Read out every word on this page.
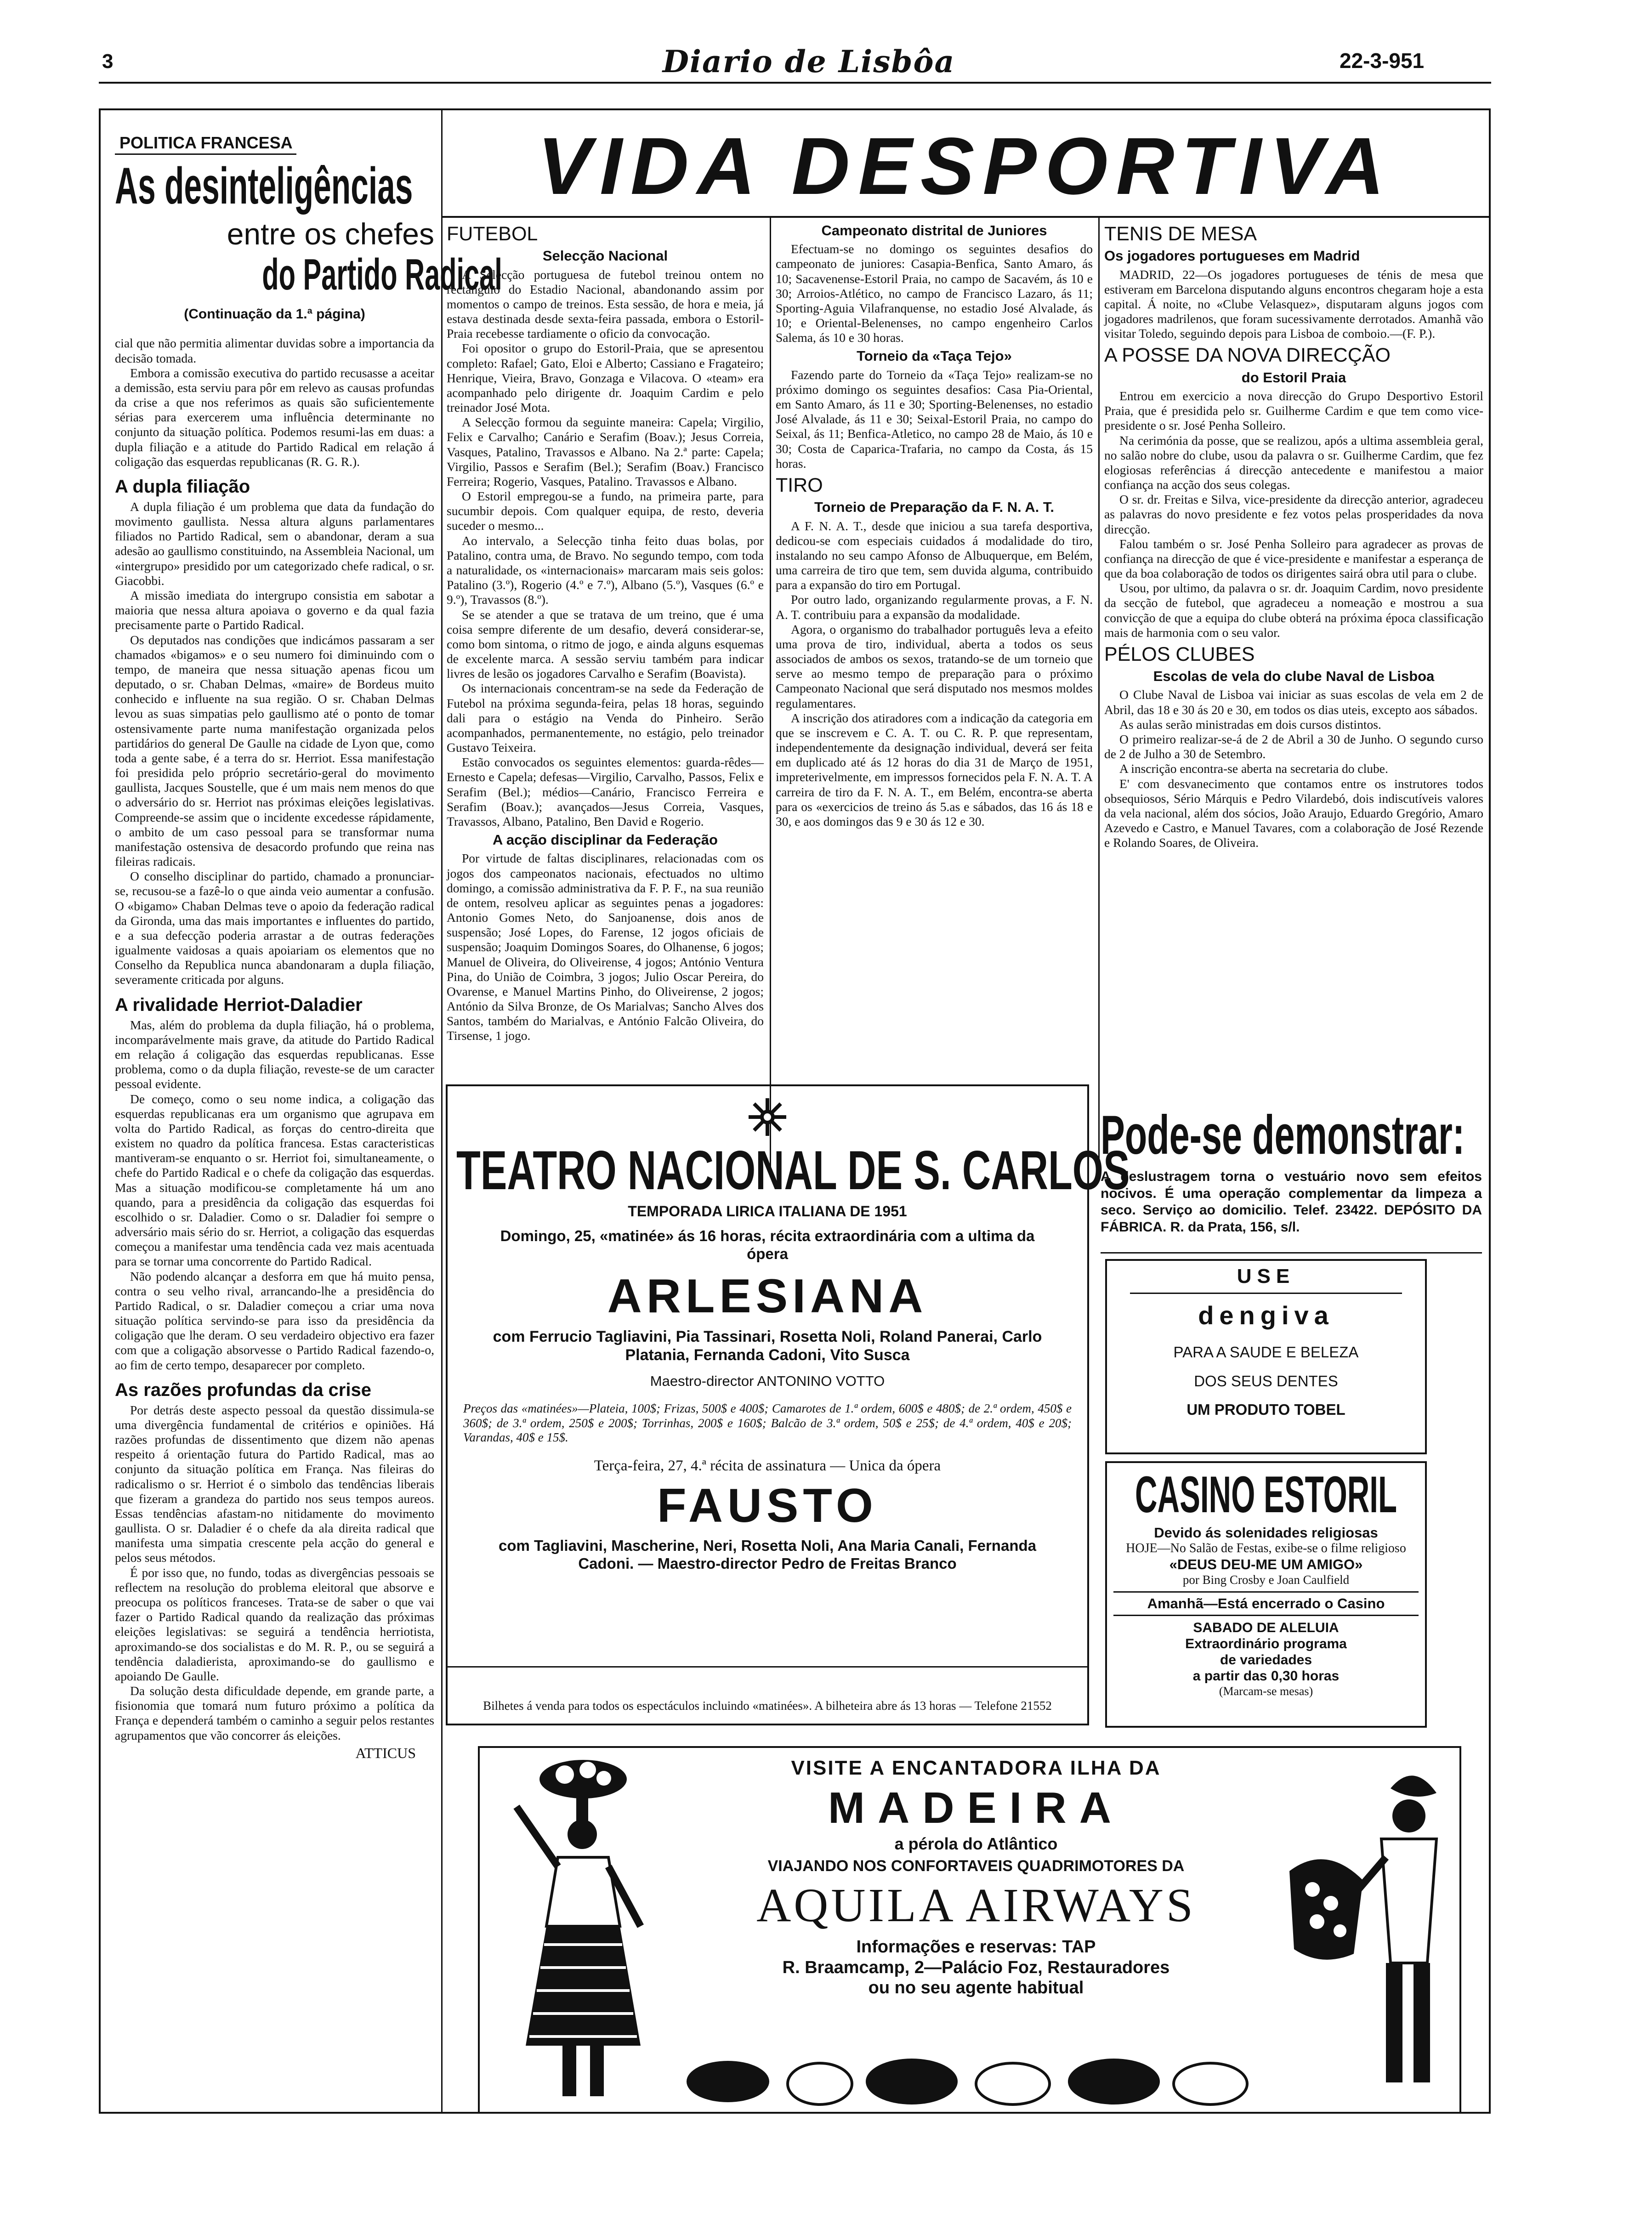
3	Diario de Lisbôa	22-3-951
POLITICA FRANCESA
As desinteligências
entre os chefes
do Partido Radical
(Continuação da 1.ª página)

cial que não permitia alimentar duvidas sobre a importancia da decisão tomada.

Embora a comissão executiva do partido recusasse a aceitar a demissão, esta serviu para pôr em relevo as causas profundas da crise a que nos referimos as quais são suficientemente sérias para exercerem uma influência determinante no conjunto da situação política. Podemos resumi-las em duas: a dupla filiação e a atitude do Partido Radical em relação á coligação das esquerdas republicanas (R. G. R.).

A dupla filiação

A dupla filiação é um problema que data da fundação do movimento gaullista. Nessa altura alguns parlamentares filiados no Partido Radical, sem o abandonar, deram a sua adesão ao gaullismo constituindo, na Assembleia Nacional, um «intergrupo» presidido por um categorizado chefe radical, o sr. Giacobbi.

A missão imediata do intergrupo consistia em sabotar a maioria que nessa altura apoiava o governo e da qual fazia precisamente parte o Partido Radical.

Os deputados nas condições que indicámos passaram a ser chamados «bigamos» e o seu numero foi diminuindo com o tempo, de maneira que nessa situação apenas ficou um deputado, o sr. Chaban Delmas, «maire» de Bordeus muito conhecido e influente na sua região. O sr. Chaban Delmas levou as suas simpatias pelo gaullismo até o ponto de tomar ostensivamente parte numa manifestação organizada pelos partidários do general De Gaulle na cidade de Lyon que, como toda a gente sabe, é a terra do sr. Herriot. Essa manifestação foi presidida pelo próprio secretário-geral do movimento gaullista, Jacques Soustelle, que é um mais nem menos do que o adversário do sr. Herriot nas próximas eleições legislativas. Compreende-se assim que o incidente excedesse rápidamente, o ambito de um caso pessoal para se transformar numa manifestação ostensiva de desacordo profundo que reina nas fileiras radicais.

O conselho disciplinar do partido, chamado a pronunciar-se, recusou-se a fazê-lo o que ainda veio aumentar a confusão. O «bigamo» Chaban Delmas teve o apoio da federação radical da Gironda, uma das mais importantes e influentes do partido, e a sua defecção poderia arrastar a de outras federações igualmente vaidosas a quais apoiariam os elementos que no Conselho da Republica nunca abandonaram a dupla filiação, severamente criticada por alguns.

A rivalidade Herriot-Daladier

Mas, além do problema da dupla filiação, há o problema, incomparávelmente mais grave, da atitude do Partido Radical em relação á coligação das esquerdas republicanas. Esse problema, como o da dupla filiação, reveste-se de um caracter pessoal evidente.

De começo, como o seu nome indica, a coligação das esquerdas republicanas era um organismo que agrupava em volta do Partido Radical, as forças do centro-direita que existem no quadro da política francesa. Estas caracteristicas mantiveram-se enquanto o sr. Herriot foi, simultaneamente, o chefe do Partido Radical e o chefe da coligação das esquerdas. Mas a situação modificou-se completamente há um ano quando, para a presidência da coligação das esquerdas foi escolhido o sr. Daladier. Como o sr. Daladier foi sempre o adversário mais sério do sr. Herriot, a coligação das esquerdas começou a manifestar uma tendência cada vez mais acentuada para se tornar uma concorrente do Partido Radical.

Não podendo alcançar a desforra em que há muito pensa, contra o seu velho rival, arrancando-lhe a presidência do Partido Radical, o sr. Daladier começou a criar uma nova situação política servindo-se para isso da presidência da coligação que lhe deram. O seu verdadeiro objectivo era fazer com que a coligação absorvesse o Partido Radical fazendo-o, ao fim de certo tempo, desaparecer por completo.

As razões profundas da crise

Por detrás deste aspecto pessoal da questão dissimula-se uma divergência fundamental de critérios e opiniões. Há razões profundas de dissentimento que dizem não apenas respeito á orientação futura do Partido Radical, mas ao conjunto da situação política em França. Nas fileiras do radicalismo o sr. Herriot é o simbolo das tendências liberais que fizeram a grandeza do partido nos seus tempos aureos. Essas tendências afastam-no nitidamente do movimento gaullista. O sr. Daladier é o chefe da ala direita radical que manifesta uma simpatia crescente pela acção do general e pelos seus métodos.

É por isso que, no fundo, todas as divergências pessoais se reflectem na resolução do problema eleitoral que absorve e preocupa os políticos franceses. Trata-se de saber o que vai fazer o Partido Radical quando da realização das próximas eleições legislativas: se seguirá a tendência herriotista, aproximando-se dos socialistas e do M. R. P., ou se seguirá a tendência daladierista, aproximando-se do gaullismo e apoiando De Gaulle.

Da solução desta dificuldade depende, em grande parte, a fisionomia que tomará num futuro próximo a política da França e dependerá também o caminho a seguir pelos restantes agrupamentos que vão concorrer ás eleições.

ATTICUS
VIDA DESPORTIVA
FUTEBOL
Selecção Nacional

A Selecção portuguesa de futebol treinou ontem no rectangulo do Estadio Nacional, abandonando assim por momentos o campo de treinos. Esta sessão, de hora e meia, já estava destinada desde sexta-feira passada, embora o Estoril-Praia recebesse tardiamente o oficio da convocação.

Foi opositor o grupo do Estoril-Praia, que se apresentou completo: Rafael; Gato, Eloi e Alberto; Cassiano e Fragateiro; Henrique, Vieira, Bravo, Gonzaga e Vilacova. O «team» era acompanhado pelo dirigente dr. Joaquim Cardim e pelo treinador José Mota.

A Selecção formou da seguinte maneira: Capela; Virgilio, Felix e Carvalho; Canário e Serafim (Boav.); Jesus Correia, Vasques, Patalino, Travassos e Albano. Na 2.ª parte: Capela; Virgilio, Passos e Serafim (Bel.); Serafim (Boav.) Francisco Ferreira; Rogerio, Vasques, Patalino. Travassos e Albano.

O Estoril empregou-se a fundo, na primeira parte, para sucumbir depois. Com qualquer equipa, de resto, deveria suceder o mesmo...

Ao intervalo, a Selecção tinha feito duas bolas, por Patalino, contra uma, de Bravo. No segundo tempo, com toda a naturalidade, os «internacionais» marcaram mais seis golos: Patalino (3.º), Rogerio (4.º e 7.º), Albano (5.º), Vasques (6.º e 9.º), Travassos (8.º).

Se se atender a que se tratava de um treino, que é uma coisa sempre diferente de um desafio, deverá considerar-se, como bom sintoma, o ritmo de jogo, e ainda alguns esquemas de excelente marca. A sessão serviu também para indicar livres de lesão os jogadores Carvalho e Serafim (Boavista).

Os internacionais concentram-se na sede da Federação de Futebol na próxima segunda-feira, pelas 18 horas, seguindo dali para o estágio na Venda do Pinheiro. Serão acompanhados, permanentemente, no estágio, pelo treinador Gustavo Teixeira.

Estão convocados os seguintes elementos: guarda-rêdes—Ernesto e Capela; defesas—Virgilio, Carvalho, Passos, Felix e Serafim (Bel.); médios—Canário, Francisco Ferreira e Serafim (Boav.); avançados—Jesus Correia, Vasques, Travassos, Albano, Patalino, Ben David e Rogerio.

A acção disciplinar da Federação

Por virtude de faltas disciplinares, relacionadas com os jogos dos campeonatos nacionais, efectuados no ultimo domingo, a comissão administrativa da F. P. F., na sua reunião de ontem, resolveu aplicar as seguintes penas a jogadores: Antonio Gomes Neto, do Sanjoanense, dois anos de suspensão; José Lopes, do Farense, 12 jogos oficiais de suspensão; Joaquim Domingos Soares, do Olhanense, 6 jogos; Manuel de Oliveira, do Oliveirense, 4 jogos; António Ventura Pina, do União de Coimbra, 3 jogos; Julio Oscar Pereira, do Ovarense, e Manuel Martins Pinho, do Oliveirense, 2 jogos; António da Silva Bronze, de Os Marialvas; Sancho Alves dos Santos, também do Marialvas, e António Falcão Oliveira, do Tirsense, 1 jogo.

Campeonato distrital de Juniores

Efectuam-se no domingo os seguintes desafios do campeonato de juniores: Casapia-Benfica, Santo Amaro, ás 10; Sacavenense-Estoril Praia, no campo de Sacavém, ás 10 e 30; Arroios-Atlético, no campo de Francisco Lazaro, ás 11; Sporting-Aguia Vilafranquense, no estadio José Alvalade, ás 10; e Oriental-Belenenses, no campo engenheiro Carlos Salema, ás 10 e 30 horas.

Torneio da «Taça Tejo»

Fazendo parte do Torneio da «Taça Tejo» realizam-se no próximo domingo os seguintes desafios: Casa Pia-Oriental, em Santo Amaro, ás 11 e 30; Sporting-Belenenses, no estadio José Alvalade, ás 11 e 30; Seixal-Estoril Praia, no campo do Seixal, ás 11; Benfica-Atletico, no campo 28 de Maio, ás 10 e 30; Costa de Caparica-Trafaria, no campo da Costa, ás 15 horas.

TIRO
Torneio de Preparação da F. N. A. T.

A F. N. A. T., desde que iniciou a sua tarefa desportiva, dedicou-se com especiais cuidados á modalidade do tiro, instalando no seu campo Afonso de Albuquerque, em Belém, uma carreira de tiro que tem, sem duvida alguma, contribuido para a expansão do tiro em Portugal.

Por outro lado, organizando regularmente provas, a F. N. A. T. contribuiu para a expansão da modalidade.

Agora, o organismo do trabalhador português leva a efeito uma prova de tiro, individual, aberta a todos os seus associados de ambos os sexos, tratando-se de um torneio que serve ao mesmo tempo de preparação para o próximo Campeonato Nacional que será disputado nos mesmos moldes regulamentares.

A inscrição dos atiradores com a indicação da categoria em que se inscrevem e C. A. T. ou C. R. P. que representam, independentemente da designação individual, deverá ser feita em duplicado até ás 12 horas do dia 31 de Março de 1951, impreterivelmente, em impressos fornecidos pela F. N. A. T. A carreira de tiro da F. N. A. T., em Belém, encontra-se aberta para os «exercicios de treino ás 5.as e sábados, das 16 ás 18 e 30, e aos domingos das 9 e 30 ás 12 e 30.

TENIS DE MESA
Os jogadores portugueses em Madrid

MADRID, 22—Os jogadores portugueses de ténis de mesa que estiveram em Barcelona disputando alguns encontros chegaram hoje a esta capital. Á noite, no «Clube Velasquez», disputaram alguns jogos com jogadores madrilenos, que foram sucessivamente derrotados. Amanhã vão visitar Toledo, seguindo depois para Lisboa de comboio.—(F. P.).

A POSSE DA NOVA DIRECÇÃO
do Estoril Praia

Entrou em exercicio a nova direcção do Grupo Desportivo Estoril Praia, que é presidida pelo sr. Guilherme Cardim e que tem como vice-presidente o sr. José Penha Solleiro.

Na cerimónia da posse, que se realizou, após a ultima assembleia geral, no salão nobre do clube, usou da palavra o sr. Guilherme Cardim, que fez elogiosas referências á direcção antecedente e manifestou a maior confiança na acção dos seus colegas.

O sr. dr. Freitas e Silva, vice-presidente da direcção anterior, agradeceu as palavras do novo presidente e fez votos pelas prosperidades da nova direcção.

Falou também o sr. José Penha Solleiro para agradecer as provas de confiança na direcção de que é vice-presidente e manifestar a esperança de que da boa colaboração de todos os dirigentes sairá obra util para o clube.

Usou, por ultimo, da palavra o sr. dr. Joaquim Cardim, novo presidente da secção de futebol, que agradeceu a nomeação e mostrou a sua convicção de que a equipa do clube obterá na próxima época classificação mais de harmonia com o seu valor.

PÉLOS CLUBES
Escolas de vela do clube Naval de Lisboa

O Clube Naval de Lisboa vai iniciar as suas escolas de vela em 2 de Abril, das 18 e 30 ás 20 e 30, em todos os dias uteis, excepto aos sábados.

As aulas serão ministradas em dois cursos distintos.

O primeiro realizar-se-á de 2 de Abril a 30 de Junho. O segundo curso de 2 de Julho a 30 de Setembro.

A inscrição encontra-se aberta na secretaria do clube.

E' com desvanecimento que contamos entre os instrutores todos obsequiosos, Sério Márquis e Pedro Vilardebó, dois indiscutíveis valores da vela nacional, além dos sócios, João Araujo, Eduardo Gregório, Amaro Azevedo e Castro, e Manuel Tavares, com a colaboração de José Rezende e Rolando Soares, de Oliveira.

TEATRO NACIONAL DE S. CARLOS
TEMPORADA LIRICA ITALIANA DE 1951
Domingo, 25, «matinée» ás 16 horas, récita extraordinária com a ultima da ópera
ARLESIANA
com Ferrucio Tagliavini, Pia Tassinari, Rosetta Noli, Roland Panerai, Carlo Platania, Fernanda Cadoni, Vito Susca
Maestro-director ANTONINO VOTTO
Preços das «matinées»—Plateia, 100$; Frizas, 500$ e 400$; Camarotes de 1.ª ordem, 600$ e 480$; de 2.ª ordem, 450$ e 360$; de 3.ª ordem, 250$ e 200$; Torrinhas, 200$ e 160$; Balcão de 3.ª ordem, 50$ e 25$; de 4.ª ordem, 40$ e 20$; Varandas, 40$ e 15$.
Terça-feira, 27, 4.ª récita de assinatura — Unica da ópera
FAUSTO
com Tagliavini, Mascherine, Neri, Rosetta Noli, Ana Maria Canali, Fernanda Cadoni. — Maestro-director Pedro de Freitas Branco
Bilhetes á venda para todos os espectáculos incluindo «matinées». A bilheteira abre ás 13 horas — Telefone 21552
Pode-se demonstrar:
A deslustragem torna o vestuário novo sem efeitos nocivos. É uma operação complementar da limpeza a seco. Serviço ao domicilio. Telef. 23422. DEPÓSITO DA FÁBRICA. R. da Prata, 156, s/l.
USE
dengiva
PARA A SAUDE E BELEZA
DOS SEUS DENTES
UM PRODUTO TOBEL
CASINO ESTORIL
Devido ás solenidades religiosas
HOJE—No Salão de Festas, exibe-se o filme religioso
«DEUS DEU-ME UM AMIGO»
por Bing Crosby e Joan Caulfield
Amanhã—Está encerrado o Casino
SABADO DE ALELUIA
Extraordinário programa
de variedades
a partir das 0,30 horas
(Marcam-se mesas)
VISITE A ENCANTADORA ILHA DA
MADEIRA
a pérola do Atlântico
VIAJANDO NOS CONFORTAVEIS QUADRIMOTORES DA
AQUILA AIRWAYS
Informações e reservas: TAP
R. Braamcamp, 2—Palácio Foz, Restauradores
ou no seu agente habitual
